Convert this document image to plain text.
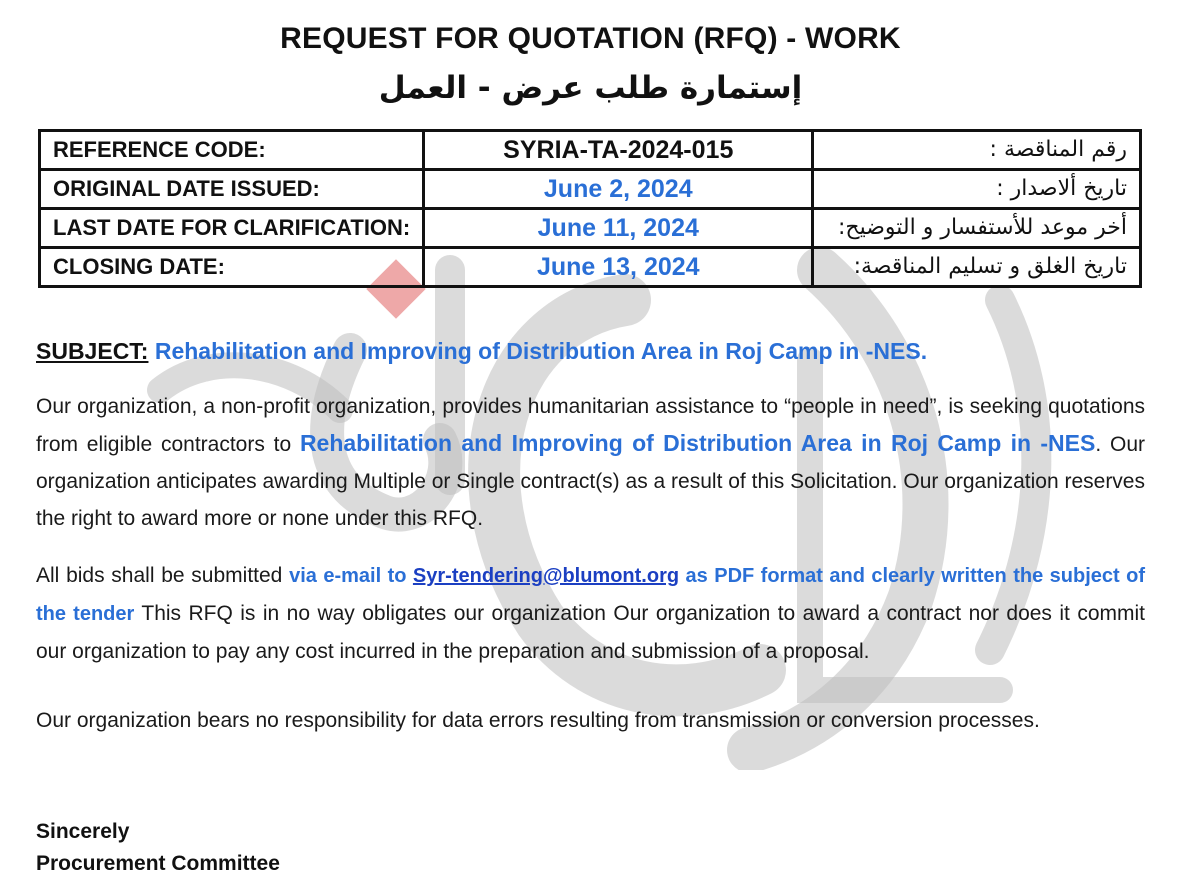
REQUEST FOR QUOTATION (RFQ) - WORK
إستمارة طلب عرض - العمل
REFERENCE CODE:	SYRIA-TA-2024-015	رقم المناقصة :
ORIGINAL DATE ISSUED:	June 2, 2024	تاريخ ألاصدار :
LAST DATE FOR CLARIFICATION:	June 11, 2024	أخر موعد للأستفسار و التوضيح:
CLOSING DATE:	June 13, 2024	تاريخ الغلق و تسليم المناقصة:
SUBJECT: Rehabilitation and Improving of Distribution Area in Roj Camp in -NES.
Our organization, a non-profit organization, provides humanitarian assistance to “people in need”, is seeking quotations from eligible contractors to Rehabilitation and Improving of Distribution Area in Roj Camp in -NES. Our organization anticipates awarding Multiple or Single contract(s) as a result of this Solicitation. Our organization reserves the right to award more or none under this RFQ.
All bids shall be submitted via e-mail to Syr-tendering@blumont.org as PDF format and clearly written the subject of the tender This RFQ is in no way obligates our organization Our organization to award a contract nor does it commit our organization to pay any cost incurred in the preparation and submission of a proposal.
Our organization bears no responsibility for data errors resulting from transmission or conversion processes.
Sincerely
Procurement Committee
